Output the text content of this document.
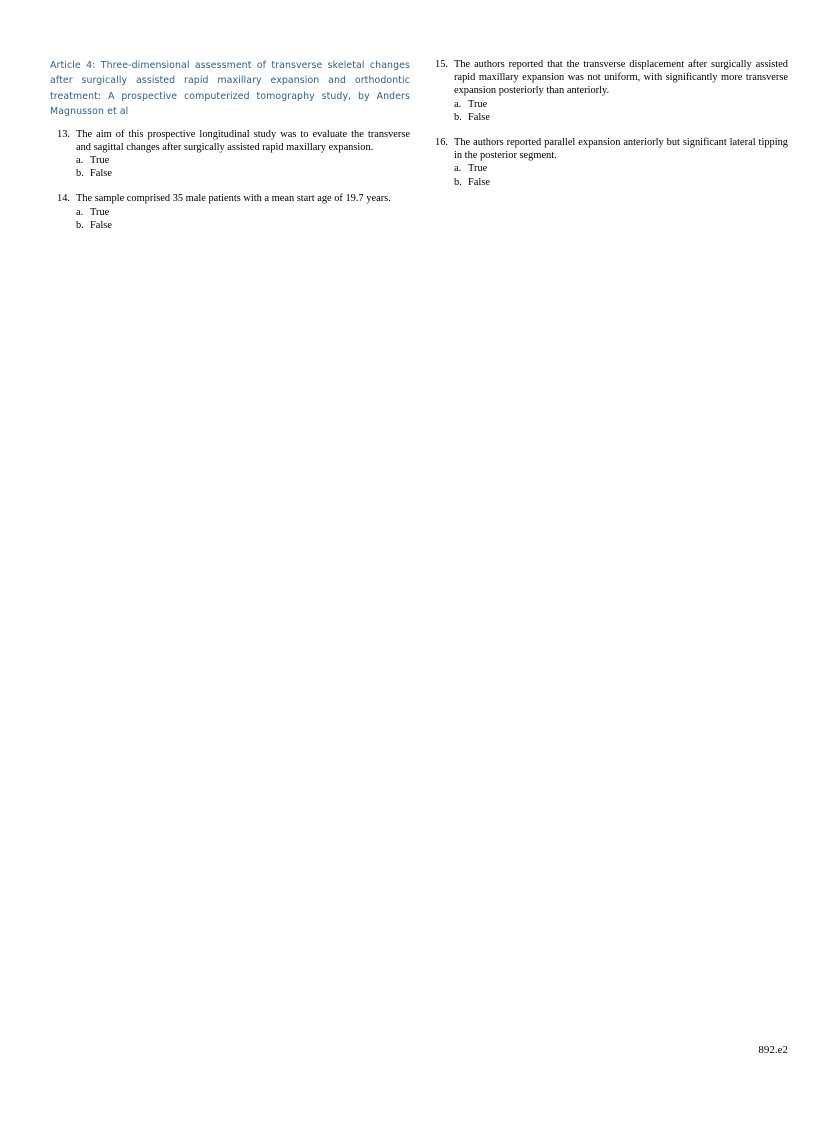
Article 4: Three-dimensional assessment of transverse skeletal changes after surgically assisted rapid maxillary expansion and orthodontic treatment: A prospective computerized tomography study, by Anders Magnusson et al

13. The aim of this prospective longitudinal study was to evaluate the transverse and sagittal changes after surgically assisted rapid maxillary expansion.

a. True
b. False
14. The sample comprised 35 male patients with a mean start age of 19.7 years.

a. True
b. False
15. The authors reported that the transverse displacement after surgically assisted rapid maxillary expansion was not uniform, with significantly more transverse expansion posteriorly than anteriorly.

a. True
b. False
16. The authors reported parallel expansion anteriorly but significant lateral tipping in the posterior segment.

a. True
b. False
892.e2
